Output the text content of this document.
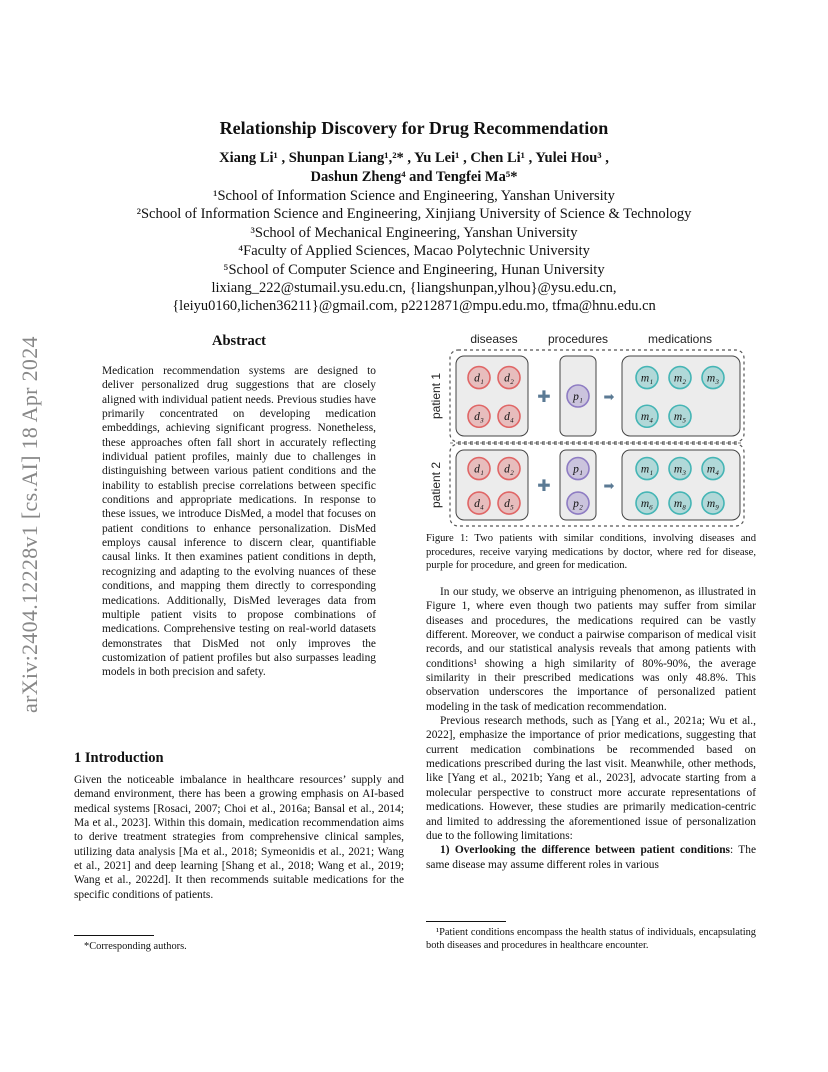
arXiv:2404.12228v1 [cs.AI] 18 Apr 2024
Relationship Discovery for Drug Recommendation
Xiang Li¹ , Shunpan Liang¹,²* , Yu Lei¹ , Chen Li¹ , Yulei Hou³ ,
Dashun Zheng⁴ and Tengfei Ma⁵*
¹School of Information Science and Engineering, Yanshan University
²School of Information Science and Engineering, Xinjiang University of Science & Technology
³School of Mechanical Engineering, Yanshan University
⁴Faculty of Applied Sciences, Macao Polytechnic University
⁵School of Computer Science and Engineering, Hunan University
lixiang_222@stumail.ysu.edu.cn, {liangshunpan,ylhou}@ysu.edu.cn,
{leiyu0160,lichen36211}@gmail.com, p2212871@mpu.edu.mo, tfma@hnu.edu.cn
Abstract
Medication recommendation systems are designed to deliver personalized drug suggestions that are closely aligned with individual patient needs. Previous studies have primarily concentrated on developing medication embeddings, achieving significant progress. Nonetheless, these approaches often fall short in accurately reflecting individual patient profiles, mainly due to challenges in distinguishing between various patient conditions and the inability to establish precise correlations between specific conditions and appropriate medications. In response to these issues, we introduce DisMed, a model that focuses on patient conditions to enhance personalization. DisMed employs causal inference to discern clear, quantifiable causal links. It then examines patient conditions in depth, recognizing and adapting to the evolving nuances of these conditions, and mapping them directly to corresponding medications. Additionally, DisMed leverages data from multiple patient visits to propose combinations of medications. Comprehensive testing on real-world datasets demonstrates that DisMed not only improves the customization of patient profiles but also surpasses leading models in both precision and safety.
1 Introduction
Given the noticeable imbalance in healthcare resources’ supply and demand environment, there has been a growing emphasis on AI-based medical systems [Rosaci, 2007; Choi et al., 2016a; Bansal et al., 2014; Ma et al., 2023]. Within this domain, medication recommendation aims to derive treatment strategies from comprehensive clinical samples, utilizing data analysis [Ma et al., 2018; Symeonidis et al., 2021; Wang et al., 2021] and deep learning [Shang et al., 2018; Wang et al., 2019; Wang et al., 2022d]. It then recommends suitable medications for the specific conditions of patients.
*Corresponding authors.
diseases	procedures	medications
patient 1	✚	➡
d₁ d₂
d₃ d₄
p₁
m₁ m₂ m₃
m₄ m₅
patient 2	✚	➡
d₁ d₂
d₄ d₅
p₁
p₂
m₁ m₃ m₄
m₆ m₈ m₉
Figure 1: Two patients with similar conditions, involving diseases and procedures, receive varying medications by doctor, where red for disease, purple for procedure, and green for medication.

In our study, we observe an intriguing phenomenon, as illustrated in Figure 1, where even though two patients may suffer from similar diseases and procedures, the medications required can be vastly different. Moreover, we conduct a pairwise comparison of medical visit records, and our statistical analysis reveals that among patients with conditions¹ showing a high similarity of 80%-90%, the average similarity in their prescribed medications was only 48.8%. This observation underscores the importance of personalized patient modeling in the task of medication recommendation.

Previous research methods, such as [Yang et al., 2021a; Wu et al., 2022], emphasize the importance of prior medications, suggesting that current medication combinations be recommended based on medications prescribed during the last visit. Meanwhile, other methods, like [Yang et al., 2021b; Yang et al., 2023], advocate starting from a molecular perspective to construct more accurate representations of medications. However, these studies are primarily medication-centric and limited to addressing the aforementioned issue of personalization due to the following limitations:

1) Overlooking the difference between patient conditions: The same disease may assume different roles in various

¹Patient conditions encompass the health status of individuals, encapsulating both diseases and procedures in healthcare encounter.
